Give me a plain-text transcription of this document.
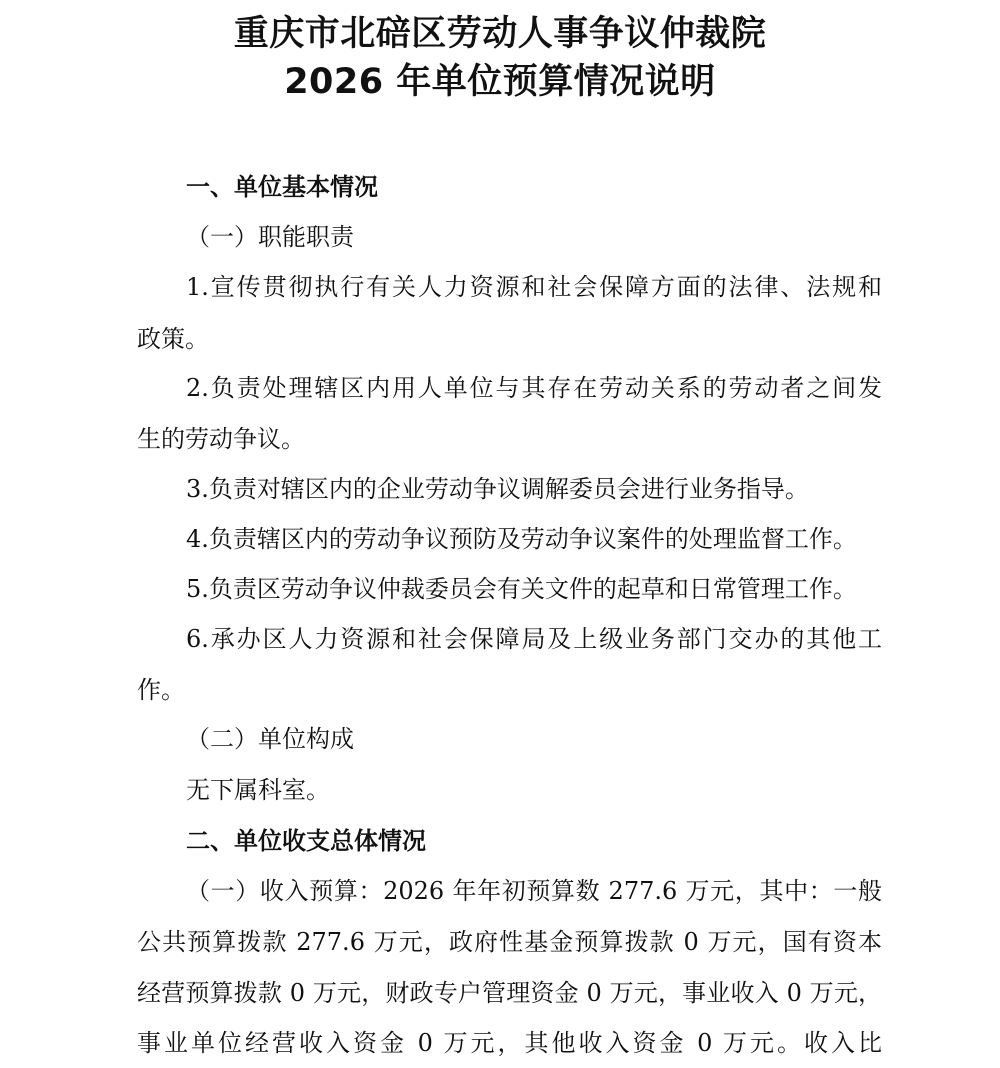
重庆市北碚区劳动人事争议仲裁院
2026 年单位预算情况说明
一、单位基本情况
（一）职能职责
1.宣传贯彻执行有关人力资源和社会保障方面的法律、法规和
政策。
2.负责处理辖区内用人单位与其存在劳动关系的劳动者之间发
生的劳动争议。
3.负责对辖区内的企业劳动争议调解委员会进行业务指导。
4.负责辖区内的劳动争议预防及劳动争议案件的处理监督工作。
5.负责区劳动争议仲裁委员会有关文件的起草和日常管理工作。
6.承办区人力资源和社会保障局及上级业务部门交办的其他工
作。
（二）单位构成
无下属科室。
二、单位收支总体情况
（一）收入预算：2026 年年初预算数 277.6 万元，其中：一般
公共预算拨款 277.6 万元，政府性基金预算拨款 0 万元，国有资本
经营预算拨款 0 万元，财政专户管理资金 0 万元，事业收入 0 万元，
事业单位经营收入资金 0 万元，其他收入资金 0 万元。收入比
